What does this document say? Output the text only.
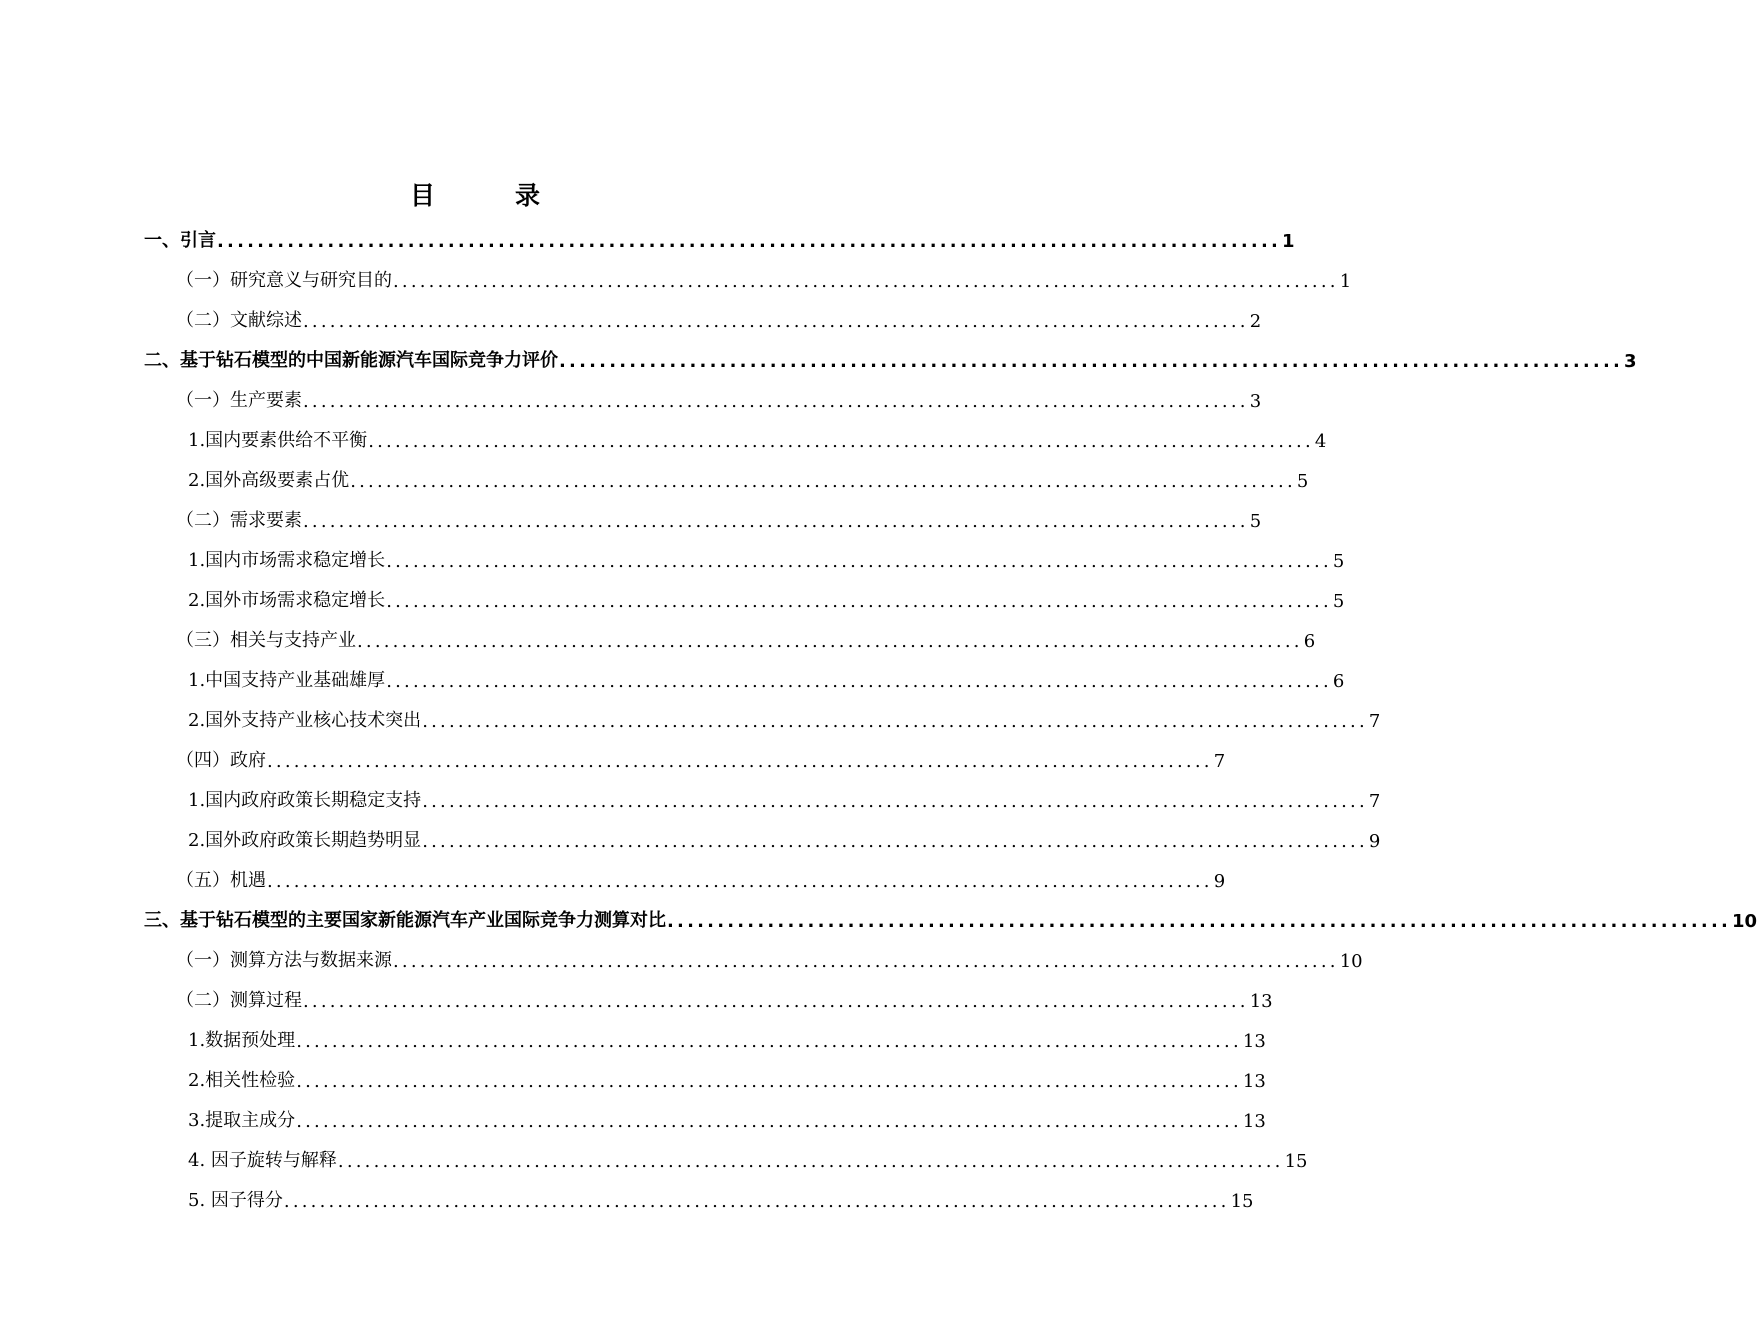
目	录
一、引言 .......................................................................................................... 1
（一）研究意义与研究目的 .......................................................................................................... 1
（二）文献综述 .......................................................................................................... 2
二、基于钻石模型的中国新能源汽车国际竞争力评价 .......................................................................................................... 3
（一）生产要素 .......................................................................................................... 3
1.国内要素供给不平衡 .......................................................................................................... 4
2.国外高级要素占优 .......................................................................................................... 5
（二）需求要素 .......................................................................................................... 5
1.国内市场需求稳定增长 .......................................................................................................... 5
2.国外市场需求稳定增长 .......................................................................................................... 5
（三）相关与支持产业 .......................................................................................................... 6
1.中国支持产业基础雄厚 .......................................................................................................... 6
2.国外支持产业核心技术突出 .......................................................................................................... 7
（四）政府 .......................................................................................................... 7
1.国内政府政策长期稳定支持 .......................................................................................................... 7
2.国外政府政策长期趋势明显 .......................................................................................................... 9
（五）机遇 .......................................................................................................... 9
三、基于钻石模型的主要国家新能源汽车产业国际竞争力测算对比 .......................................................................................................... 10
（一）测算方法与数据来源 .......................................................................................................... 10
（二）测算过程 .......................................................................................................... 13
1.数据预处理 .......................................................................................................... 13
2.相关性检验 .......................................................................................................... 13
3.提取主成分 .......................................................................................................... 13
4. 因子旋转与解释 .......................................................................................................... 15
5. 因子得分 .......................................................................................................... 15
